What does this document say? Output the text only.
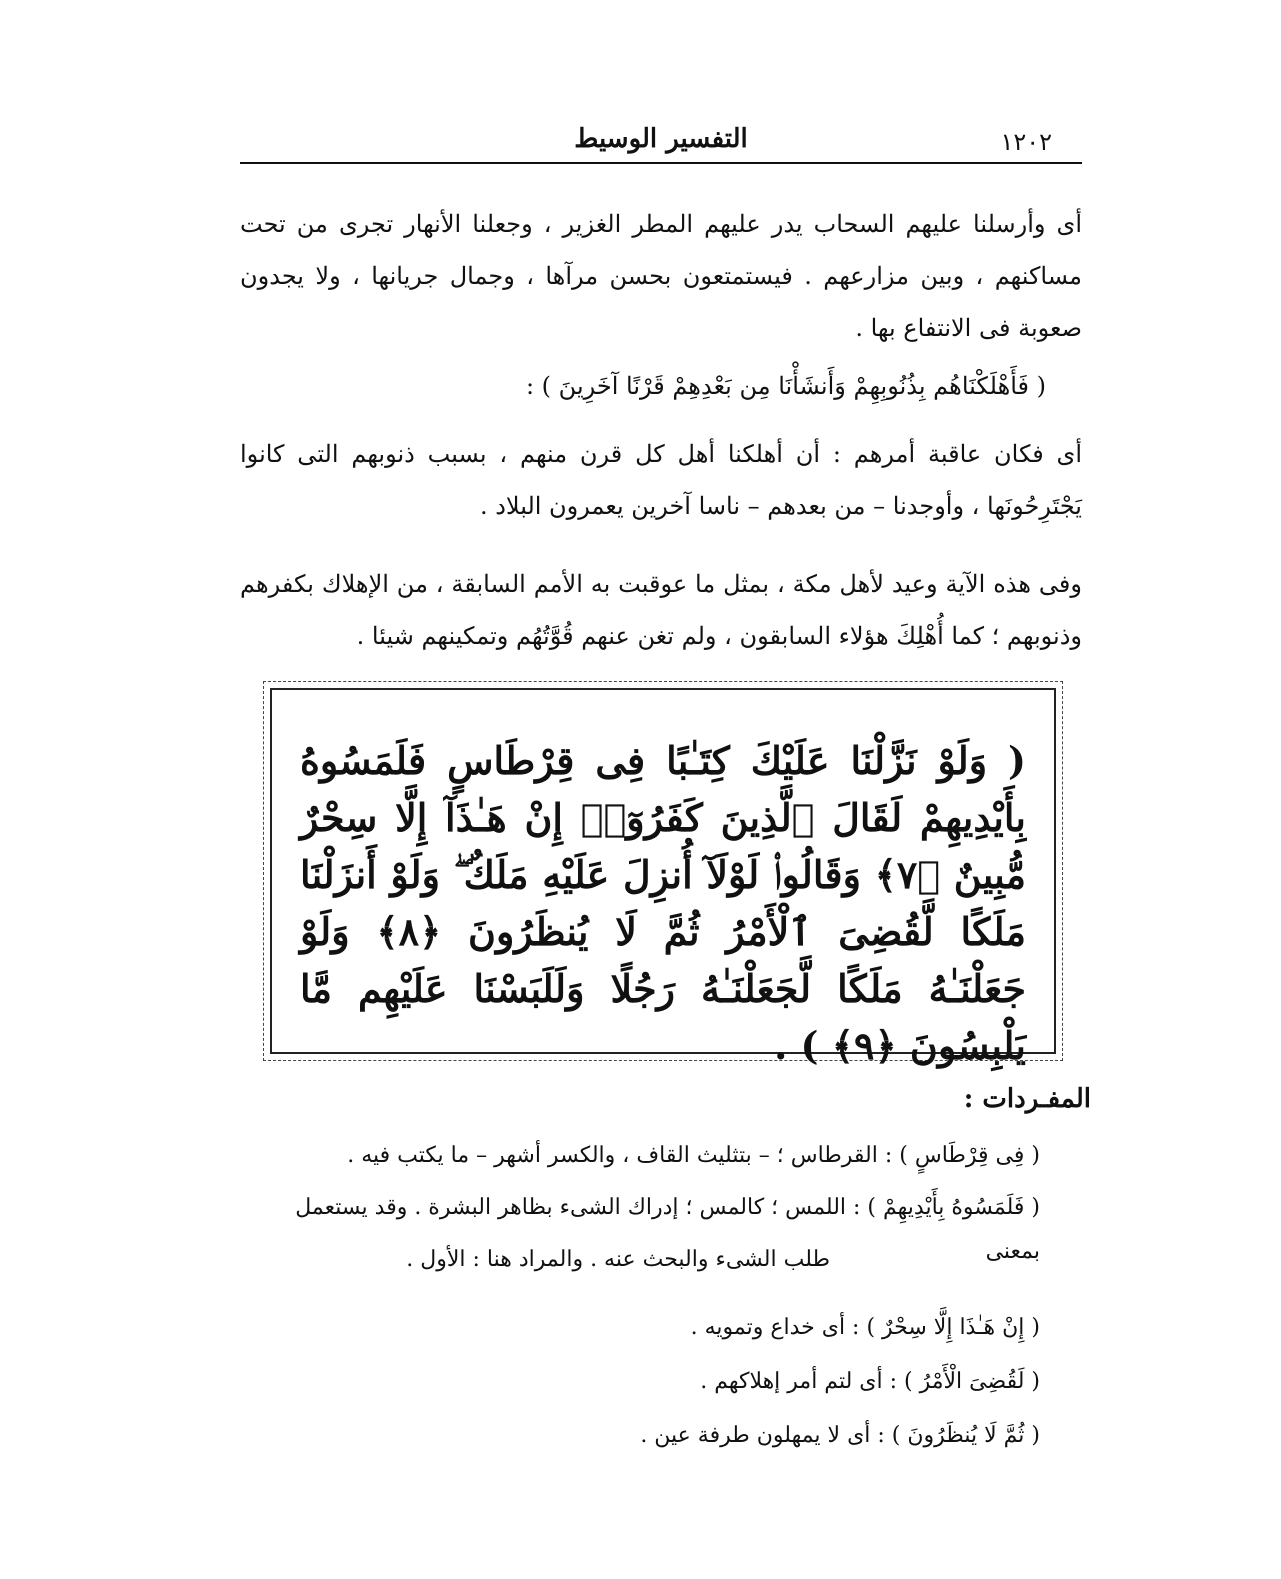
١٢٠٢
التفسير الوسيط
أى وأرسلنا عليهم السحاب يدر عليهم المطر الغزير ، وجعلنا الأنهار تجرى من تحت مساكنهم ، وبين مزارعهم . فيستمتعون بحسن مرآها ، وجمال جريانها ، ولا يجدون صعوبة فى الانتفاع بها .
( فَأَهْلَكْنَاهُم بِذُنُوبِهِمْ وَأَنشَأْنَا مِن بَعْدِهِمْ قَرْنًا آخَرِينَ ) :
أى فكان عاقبة أمرهم : أن أهلكنا أهل كل قرن منهم ، بسبب ذنوبهم التى كانوا يَجْتَرِحُونَها ، وأوجدنا – من بعدهم – ناسا آخرين يعمرون البلاد .
وفى هذه الآية وعيد لأهل مكة ، بمثل ما عوقبت به الأمم السابقة ، من الإهلاك بكفرهم وذنوبهم ؛ كما أُهْلِكَ هؤلاء السابقون ، ولم تغن عنهم قُوَّتُهُم وتمكينهم شيئا .
( وَلَوْ نَزَّلْنَا عَلَيْكَ كِتَـٰبًا فِى قِرْطَاسٍ فَلَمَسُوهُ بِأَيْدِيهِمْ لَقَالَ ٱلَّذِينَ كَفَرُوٓا۟ إِنْ هَـٰذَآ إِلَّا سِحْرٌ مُّبِينٌ ﴿٧﴾ وَقَالُوا۟ لَوْلَآ أُنزِلَ عَلَيْهِ مَلَكٌ ۖ وَلَوْ أَنزَلْنَا مَلَكًا لَّقُضِىَ ٱلْأَمْرُ ثُمَّ لَا يُنظَرُونَ ﴿٨﴾ وَلَوْ جَعَلْنَـٰهُ مَلَكًا لَّجَعَلْنَـٰهُ رَجُلًا وَلَلَبَسْنَا عَلَيْهِم مَّا يَلْبِسُونَ ﴿٩﴾ ) .
المفـردات :
( فِى قِرْطَاسٍ ) : القرطاس ؛ – بتثليث القاف ، والكسر أشهر – ما يكتب فيه .
( فَلَمَسُوهُ بِأَيْدِيهِمْ ) : اللمس ؛ كالمس ؛ إدراك الشىء بظاهر البشرة . وقد يستعمل بمعنى
طلب الشىء والبحث عنه . والمراد هنا : الأول .
( إِنْ هَـٰذَا إِلَّا سِحْرٌ ) : أى خداع وتمويه .
( لَقُضِىَ الْأَمْرُ ) : أى لتم أمر إهلاكهم .
( ثُمَّ لَا يُنظَرُونَ ) : أى لا يمهلون طرفة عين .
